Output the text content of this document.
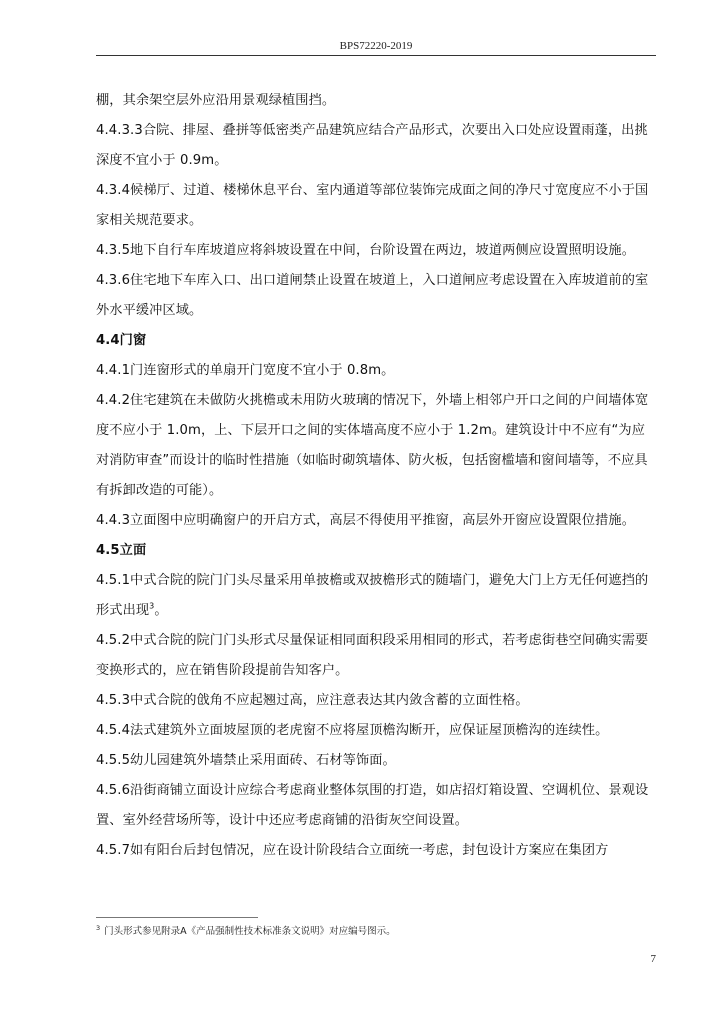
BPS72220-2019

棚，其余架空层外应沿用景观绿植围挡。

4.4.3.3合院、排屋、叠拼等低密类产品建筑应结合产品形式，次要出入口处应设置雨蓬，出挑深度不宜小于 0.9m。

4.3.4候梯厅、过道、楼梯休息平台、室内通道等部位装饰完成面之间的净尺寸宽度应不小于国家相关规范要求。

4.3.5地下自行车库坡道应将斜坡设置在中间，台阶设置在两边，坡道两侧应设置照明设施。

4.3.6住宅地下车库入口、出口道闸禁止设置在坡道上，入口道闸应考虑设置在入库坡道前的室外水平缓冲区域。

4.4门窗

4.4.1门连窗形式的单扇开门宽度不宜小于 0.8m。

4.4.2住宅建筑在未做防火挑檐或未用防火玻璃的情况下，外墙上相邻户开口之间的户间墙体宽度不应小于 1.0m，上、下层开口之间的实体墙高度不应小于 1.2m。建筑设计中不应有“为应对消防审查”而设计的临时性措施（如临时砌筑墙体、防火板，包括窗槛墙和窗间墙等，不应具有拆卸改造的可能）。

4.4.3立面图中应明确窗户的开启方式，高层不得使用平推窗，高层外开窗应设置限位措施。

4.5立面

4.5.1中式合院的院门门头尽量采用单披檐或双披檐形式的随墙门，避免大门上方无任何遮挡的形式出现$^3$。

4.5.2中式合院的院门门头形式尽量保证相同面积段采用相同的形式，若考虑街巷空间确实需要变换形式的，应在销售阶段提前告知客户。

4.5.3中式合院的戗角不应起翘过高，应注意表达其内敛含蓄的立面性格。

4.5.4法式建筑外立面坡屋顶的老虎窗不应将屋顶檐沟断开，应保证屋顶檐沟的连续性。

4.5.5幼儿园建筑外墙禁止采用面砖、石材等饰面。

4.5.6沿街商铺立面设计应综合考虑商业整体氛围的打造，如店招灯箱设置、空调机位、景观设置、室外经营场所等，设计中还应考虑商铺的沿街灰空间设置。

4.5.7如有阳台后封包情况，应在设计阶段结合立面统一考虑，封包设计方案应在集团方

$^3$ 门头形式参见附录A《产品强制性技术标准条文说明》对应编号图示。
7
